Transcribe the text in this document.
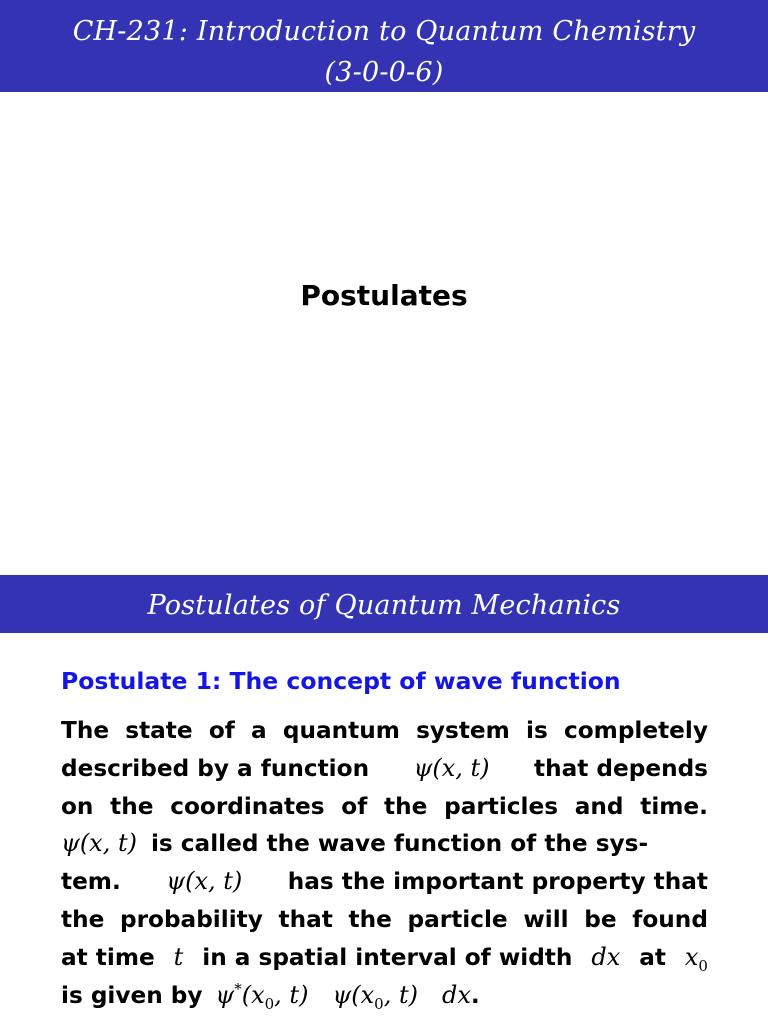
CH-231: Introduction to Quantum Chemistry
(3-0-0-6)
Postulates
Postulates of Quantum Mechanics
Postulate 1: The concept of wave function
The state of a quantum system is completely
described by a function ψ(x, t) that depends
on the coordinates of the particles and time.
ψ(x, t) is called the wave function of the sys-
tem. ψ(x, t) has the important property that
the probability that the particle will be found
at time t in a spatial interval of width dx at $x_0$
is given by   $\psi^*(x_0$, t)  $\psi(x_0$, t)  dx.
